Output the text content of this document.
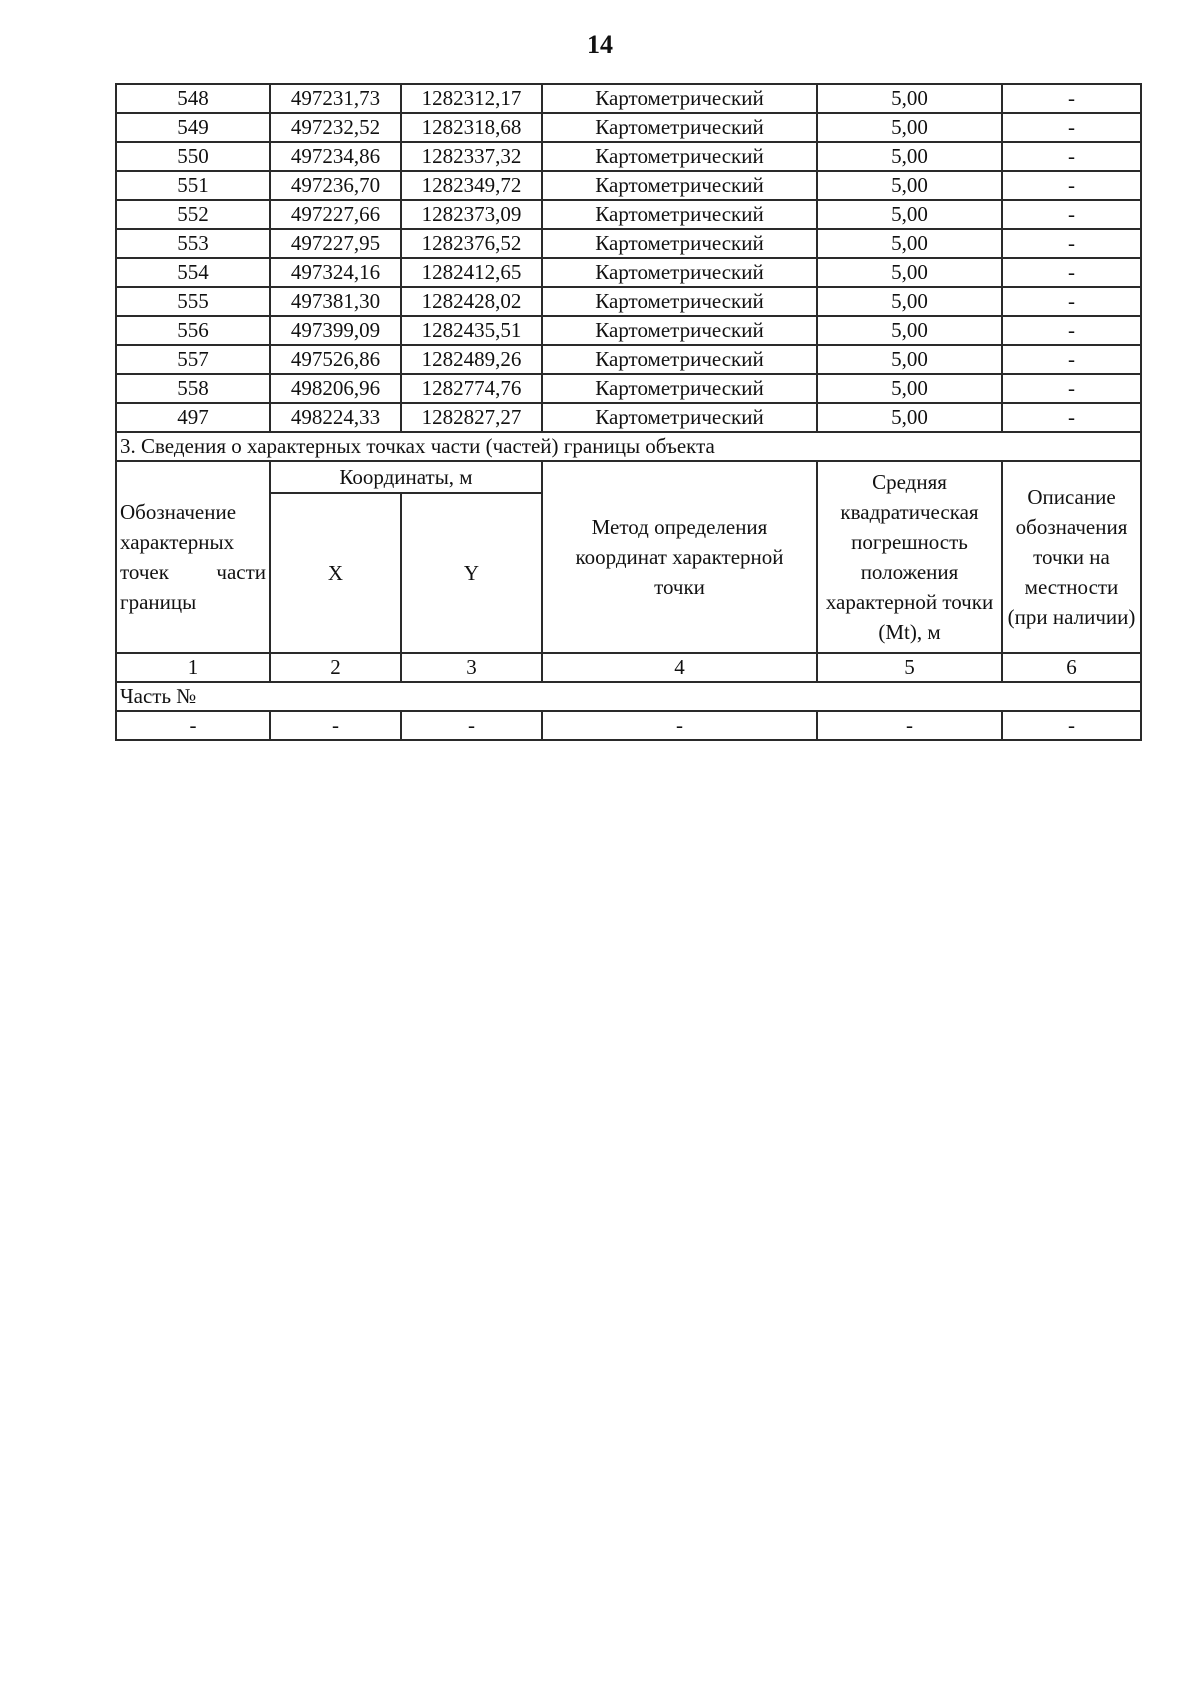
14
548	497231,73	1282312,17	Картометрический	5,00	-
549	497232,52	1282318,68	Картометрический	5,00	-
550	497234,86	1282337,32	Картометрический	5,00	-
551	497236,70	1282349,72	Картометрический	5,00	-
552	497227,66	1282373,09	Картометрический	5,00	-
553	497227,95	1282376,52	Картометрический	5,00	-
554	497324,16	1282412,65	Картометрический	5,00	-
555	497381,30	1282428,02	Картометрический	5,00	-
556	497399,09	1282435,51	Картометрический	5,00	-
557	497526,86	1282489,26	Картометрический	5,00	-
558	498206,96	1282774,76	Картометрический	5,00	-
497	498224,33	1282827,27	Картометрический	5,00	-
3. Сведения о характерных точках части (частей) границы объекта					
Обозначение характерных точек части границы	Координаты, м		Метод определения координат характерной точки	Средняя квадратическая погрешность положения характерной точки (Mt), м	Описание обозначения точки на местности (при наличии)
	X	Y			
1	2	3	4	5	6
Часть №					
-	-	-	-	-	-
